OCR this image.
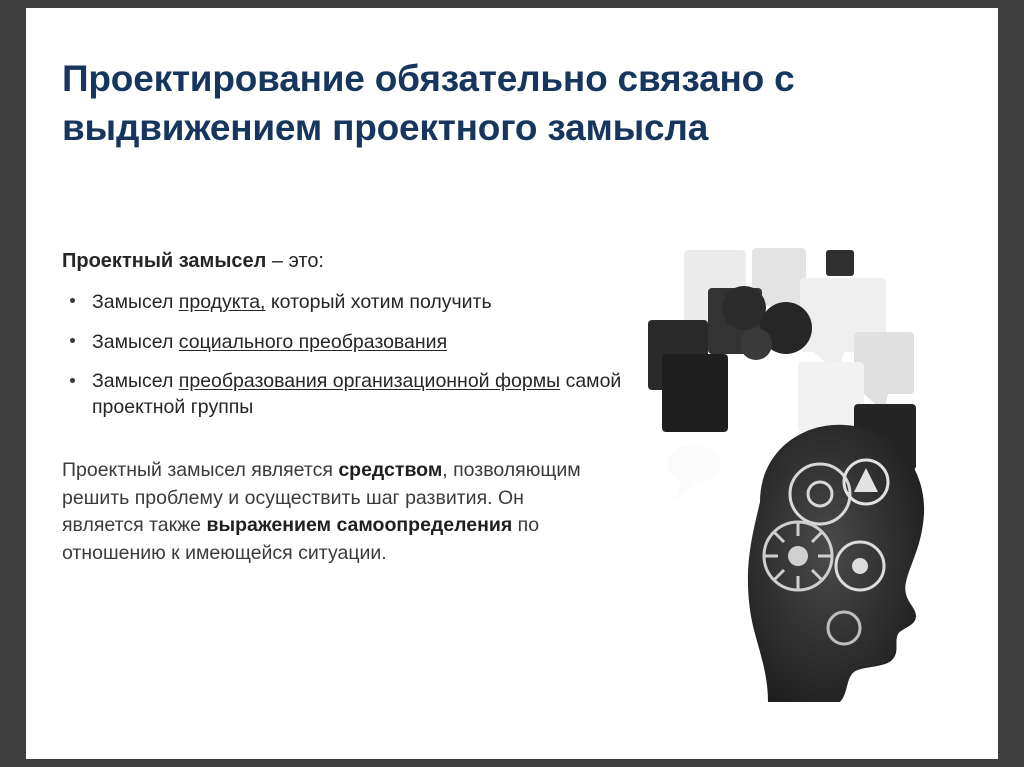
Проектирование обязательно связано с
выдвижением проектного замысла
Проектный замысел – это:
Замысел продукта, который хотим получить
Замысел социального преобразования
Замысел преобразования организационной формы самой проектной группы

Проектный замысел является средством, позволяющим решить проблему и осуществить шаг развития. Он является также выражением самоопределения по отношению к имеющейся ситуации.
